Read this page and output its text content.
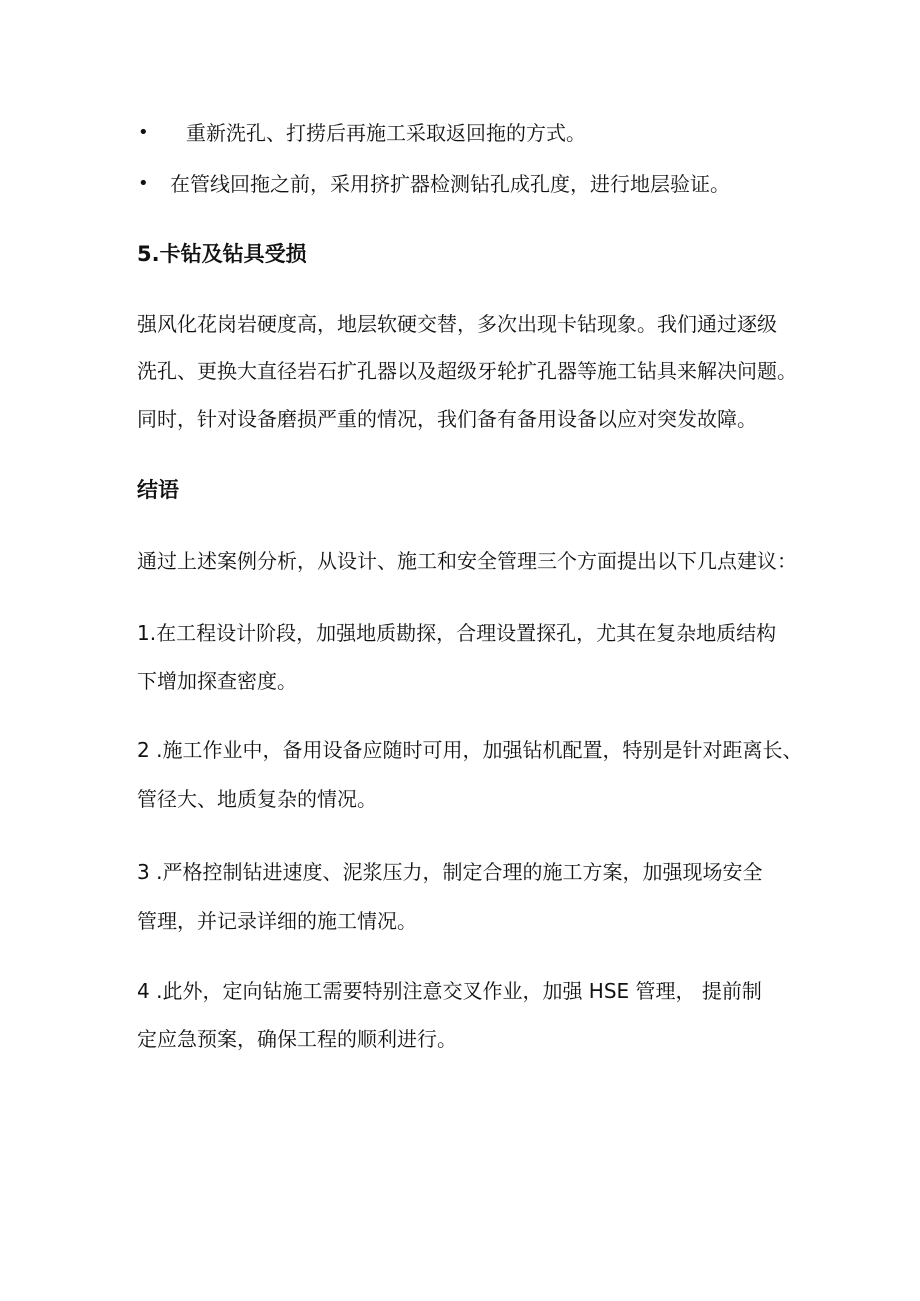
• 重新洗孔、打捞后再施工采取返回拖的方式。

• 在管线回拖之前，采用挤扩器检测钻孔成孔度，进行地层验证。

5.卡钻及钻具受损

强风化花岗岩硬度高，地层软硬交替，多次出现卡钻现象。我们通过逐级

洗孔、更换大直径岩石扩孔器以及超级牙轮扩孔器等施工钻具来解决问题。

同时，针对设备磨损严重的情况，我们备有备用设备以应对突发故障。

结语

通过上述案例分析，从设计、施工和安全管理三个方面提出以下几点建议：

1.在工程设计阶段，加强地质勘探，合理设置探孔，尤其在复杂地质结构

下增加探查密度。

2 .施工作业中，备用设备应随时可用，加强钻机配置，特别是针对距离长、

管径大、地质复杂的情况。

3 .严格控制钻进速度、泥浆压力，制定合理的施工方案，加强现场安全

管理，并记录详细的施工情况。

4 .此外，定向钻施工需要特别注意交叉作业，加强 HSE 管理， 提前制

定应急预案，确保工程的顺利进行。
